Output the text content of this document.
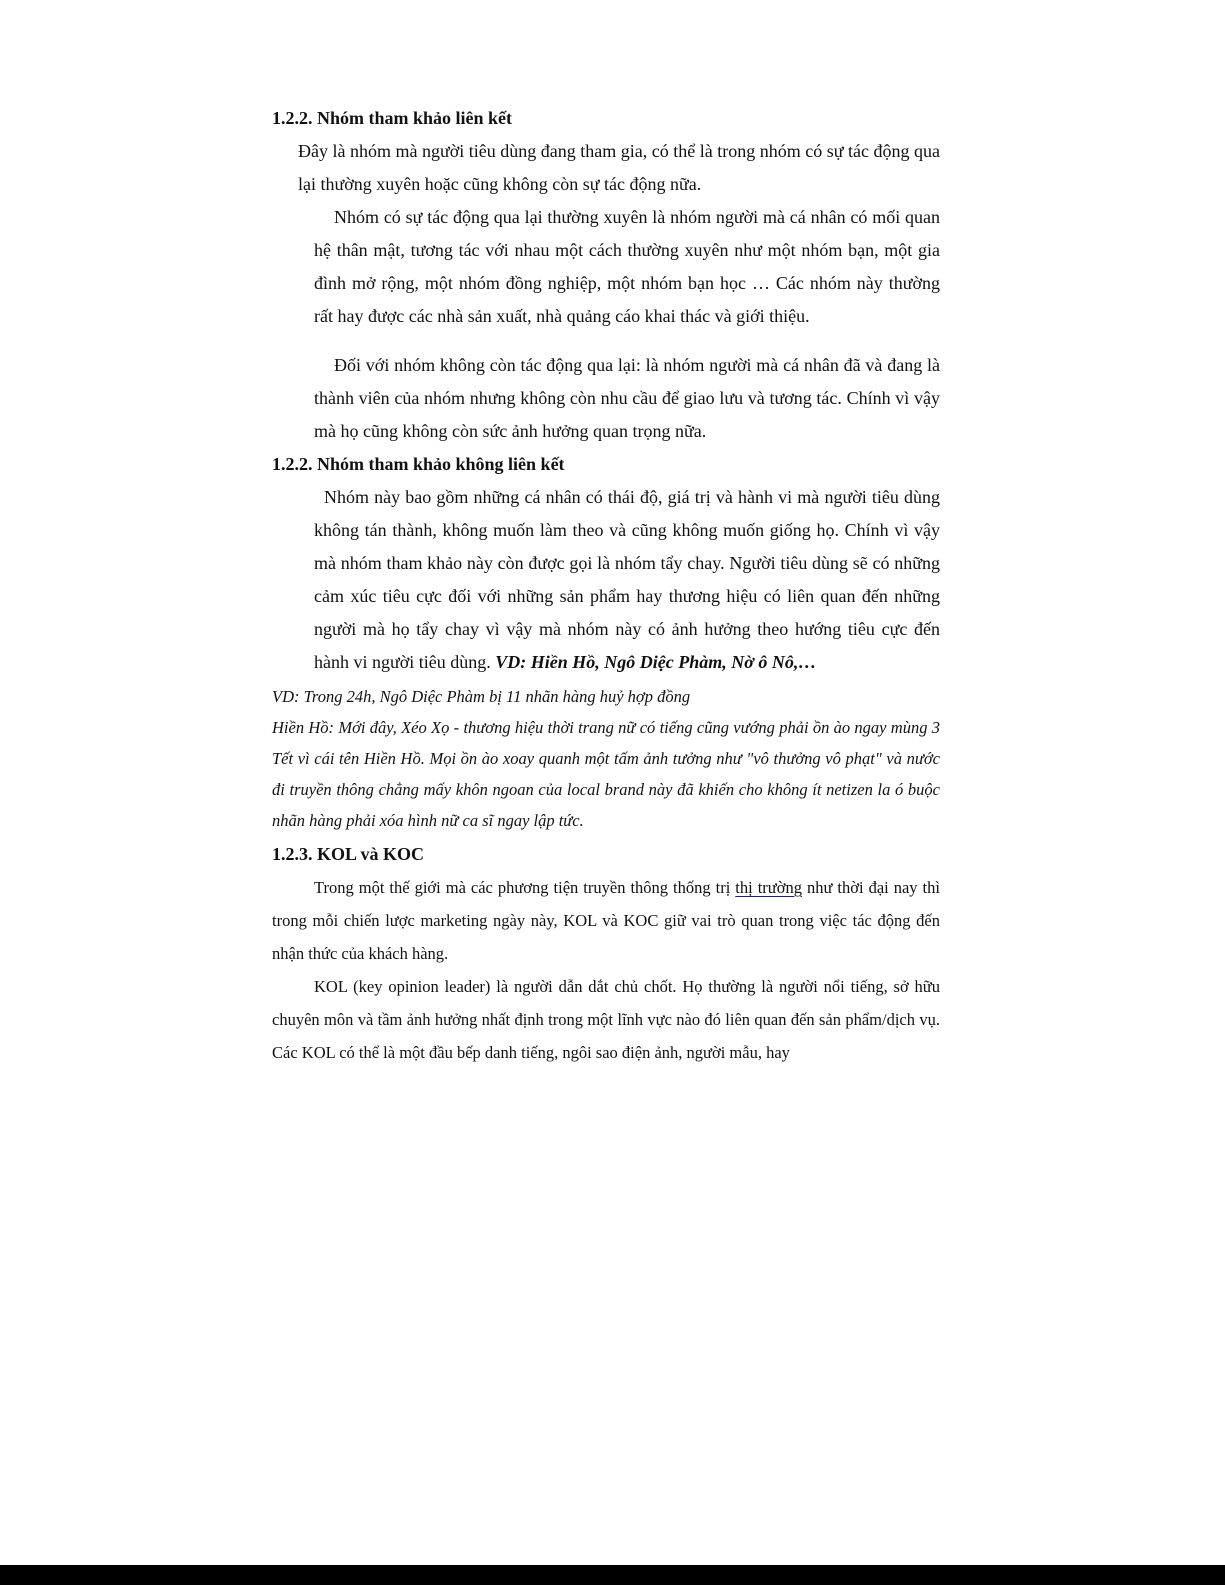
1.2.2. Nhóm tham khảo liên kết

Đây là nhóm mà người tiêu dùng đang tham gia, có thể là trong nhóm có sự tác động qua lại thường xuyên hoặc cũng không còn sự tác động nữa.

Nhóm có sự tác động qua lại thường xuyên là nhóm người mà cá nhân có mối quan hệ thân mật, tương tác với nhau một cách thường xuyên như một nhóm bạn, một gia đình mở rộng, một nhóm đồng nghiệp, một nhóm bạn học … Các nhóm này thường rất hay được các nhà sản xuất, nhà quảng cáo khai thác và giới thiệu.

Đối với nhóm không còn tác động qua lại: là nhóm người mà cá nhân đã và đang là thành viên của nhóm nhưng không còn nhu cầu để giao lưu và tương tác. Chính vì vậy mà họ cũng không còn sức ảnh hưởng quan trọng nữa.

1.2.2. Nhóm tham khảo không liên kết

Nhóm này bao gồm những cá nhân có thái độ, giá trị và hành vi mà người tiêu dùng không tán thành, không muốn làm theo và cũng không muốn giống họ. Chính vì vậy mà nhóm tham khảo này còn được gọi là nhóm tẩy chay. Người tiêu dùng sẽ có những cảm xúc tiêu cực đối với những sản phẩm hay thương hiệu có liên quan đến những người mà họ tẩy chay vì vậy mà nhóm này có ảnh hưởng theo hướng tiêu cực đến hành vi người tiêu dùng. VD: Hiền Hồ, Ngô Diệc Phàm, Nờ ô Nô,…

VD: Trong 24h, Ngô Diệc Phàm bị 11 nhãn hàng huỷ hợp đồng

Hiền Hồ: Mới đây, Xéo Xọ - thương hiệu thời trang nữ có tiếng cũng vướng phải ồn ào ngay mùng 3 Tết vì cái tên Hiền Hồ. Mọi ồn ào xoay quanh một tấm ảnh tưởng như "vô thưởng vô phạt" và nước đi truyền thông chẳng mấy khôn ngoan của local brand này đã khiến cho không ít netizen la ó buộc nhãn hàng phải xóa hình nữ ca sĩ ngay lập tức.

1.2.3. KOL và KOC

Trong một thế giới mà các phương tiện truyền thông thống trị thị trường như thời đại nay thì trong mỗi chiến lược marketing ngày này, KOL và KOC giữ vai trò quan trong việc tác động đến nhận thức của khách hàng.

KOL (key opinion leader) là người dẫn dắt chủ chốt. Họ thường là người nổi tiếng, sở hữu chuyên môn và tầm ảnh hưởng nhất định trong một lĩnh vực nào đó liên quan đến sản phẩm/dịch vụ. Các KOL có thể là một đầu bếp danh tiếng, ngôi sao điện ảnh, người mẫu, hay
